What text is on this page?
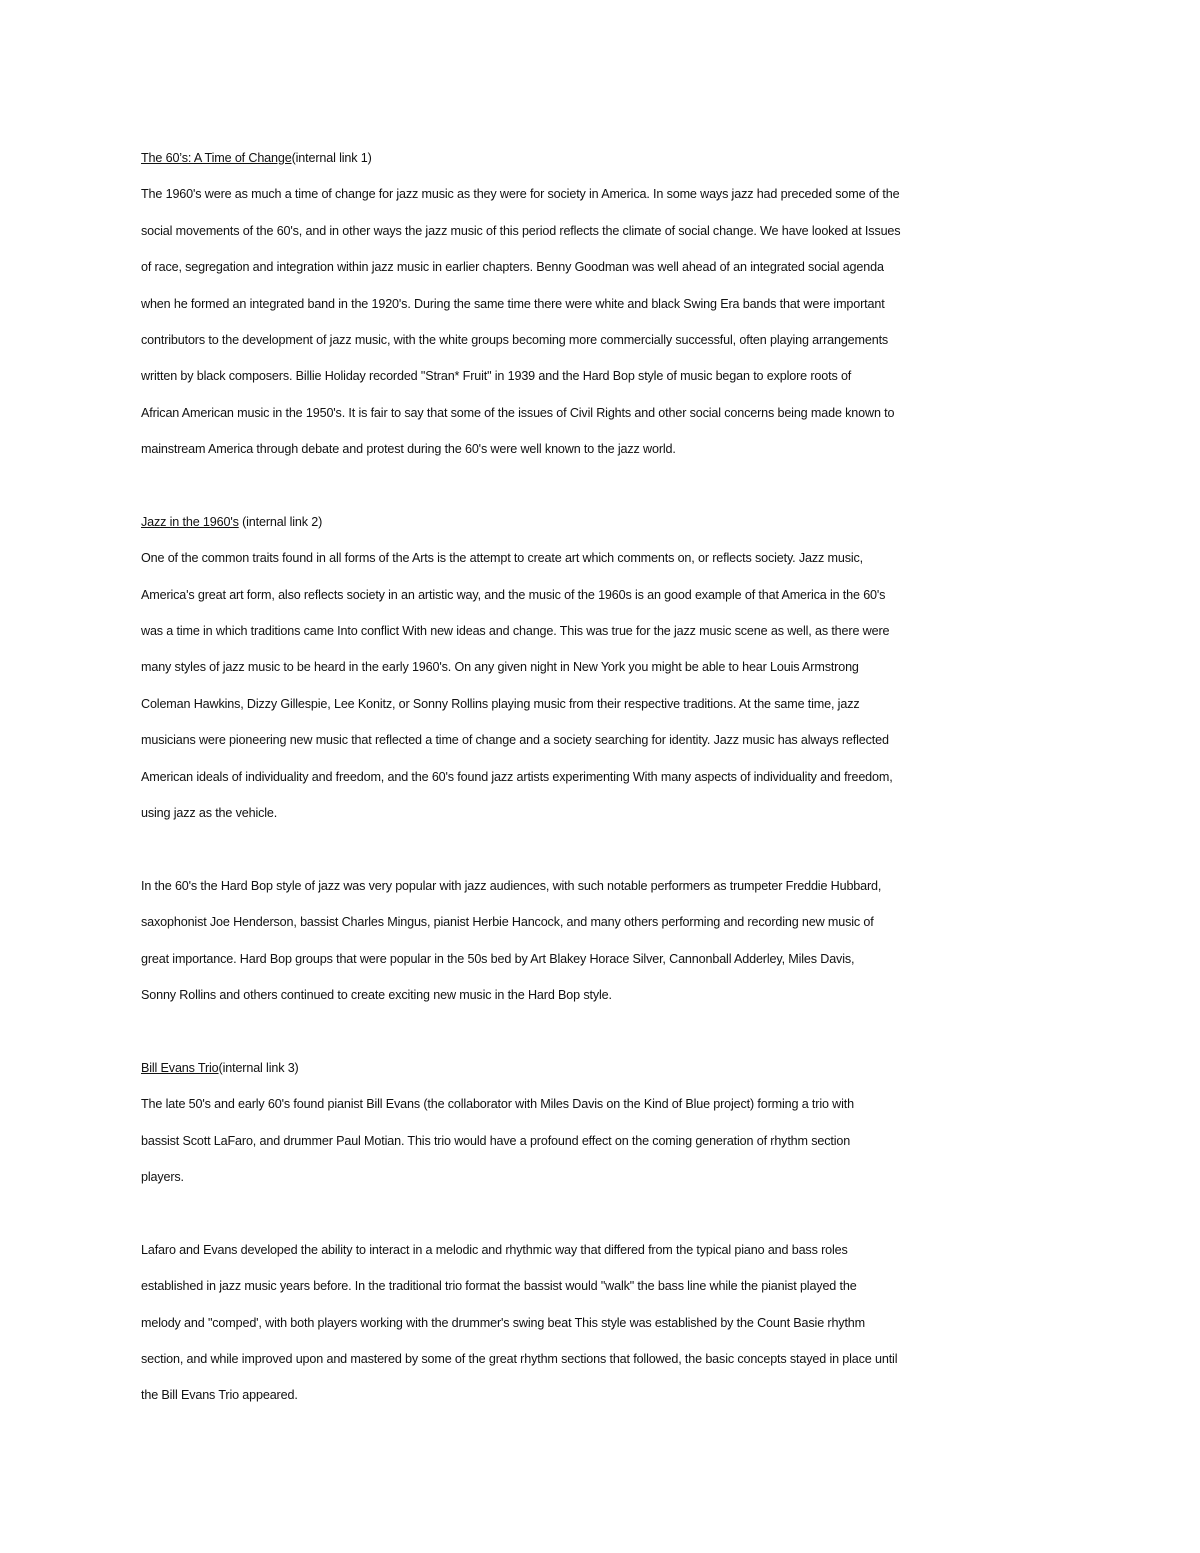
The 60’s: A Time of Change(internal link 1)
The 1960's were as much a time of change for jazz music as they were for society in America. In some ways jazz had preceded some of the
social movements of the 60's, and in other ways the jazz music of this period reflects the climate of social change. We have looked at Issues
of race, segregation and integration within jazz music in earlier chapters. Benny Goodman was well ahead of an integrated social agenda
when he formed an integrated band in the 1920's. During the same time there were white and black Swing Era bands that were important
contributors to the development of jazz music, with the white groups becoming more commercially successful, often playing arrangements
written by black composers. Billie Holiday recorded "Stran* Fruit" in 1939 and the Hard Bop style of music began to explore roots of
African American music in the 1950's. It is fair to say that some of the issues of Civil Rights and other social concerns being made known to
mainstream America through debate and protest during the 60's were well known to the jazz world.
Jazz in the 1960's (internal link 2)
One of the common traits found in all forms of the Arts is the attempt to create art which comments on, or reflects society. Jazz music,
America's great art form, also reflects society in an artistic way, and the music of the 1960s is an good example of that America in the 60's
was a time in which traditions came Into conflict With new ideas and change. This was true for the jazz music scene as well, as there were
many styles of jazz music to be heard in the early 1960's. On any given night in New York you might be able to hear Louis Armstrong
Coleman Hawkins, Dizzy Gillespie, Lee Konitz, or Sonny Rollins playing music from their respective traditions. At the same time, jazz
musicians were pioneering new music that reflected a time of change and a society searching for identity. Jazz music has always reflected
American ideals of individuality and freedom, and the 60's found jazz artists experimenting With many aspects of individuality and freedom,
using jazz as the vehicle.
In the 60's the Hard Bop style of jazz was very popular with jazz audiences, with such notable performers as trumpeter Freddie Hubbard,
saxophonist Joe Henderson, bassist Charles Mingus, pianist Herbie Hancock, and many others performing and recording new music of
great importance. Hard Bop groups that were popular in the 50s bed by Art Blakey Horace Silver, Cannonball Adderley, Miles Davis,
Sonny Rollins and others continued to create exciting new music in the Hard Bop style.
Bill Evans Trio(internal link 3)
The late 50's and early 60's found pianist Bill Evans (the collaborator with Miles Davis on the Kind of Blue project) forming a trio with
bassist Scott LaFaro, and drummer Paul Motian. This trio would have a profound effect on the coming generation of rhythm section
players.
Lafaro and Evans developed the ability to interact in a melodic and rhythmic way that differed from the typical piano and bass roles
established in jazz music years before. In the traditional trio format the bassist would "walk" the bass line while the pianist played the
melody and "comped', with both players working with the drummer's swing beat This style was established by the Count Basie rhythm
section, and while improved upon and mastered by some of the great rhythm sections that followed, the basic concepts stayed in place until
the Bill Evans Trio appeared.
